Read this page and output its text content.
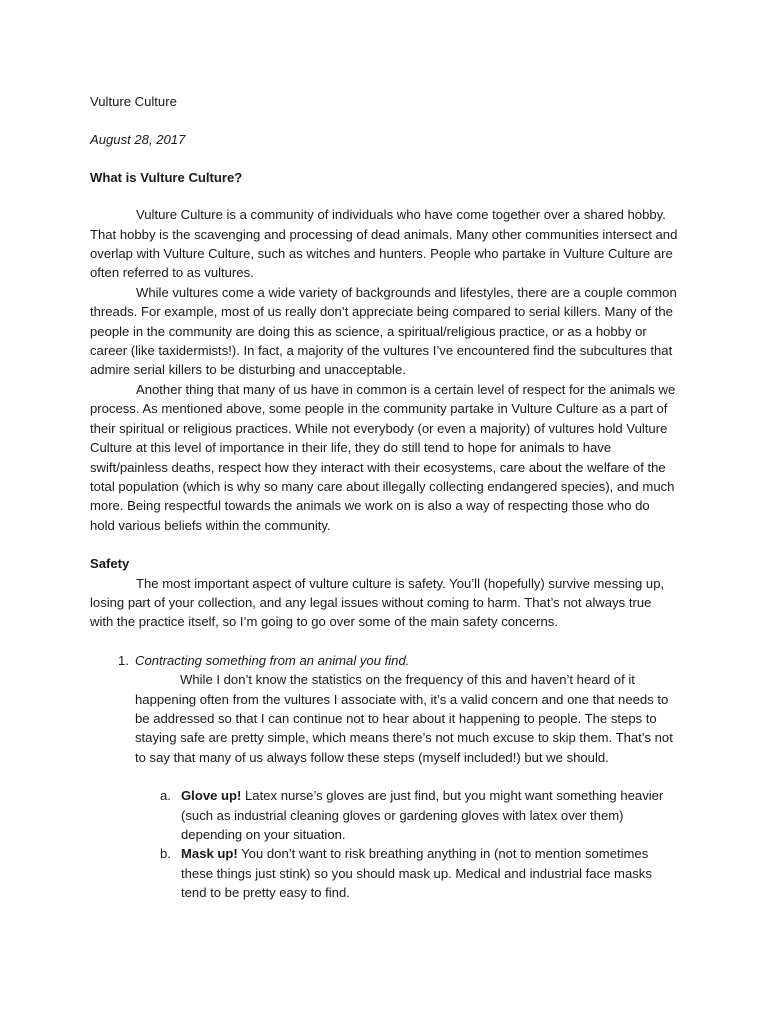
Vulture Culture

August 28, 2017

What is Vulture Culture?

Vulture Culture is a community of individuals who have come together over a shared hobby. That hobby is the scavenging and processing of dead animals. Many other communities intersect and overlap with Vulture Culture, such as witches and hunters. People who partake in Vulture Culture are often referred to as vultures.

While vultures come a wide variety of backgrounds and lifestyles, there are a couple common threads. For example, most of us really don’t appreciate being compared to serial killers. Many of the people in the community are doing this as science, a spiritual/religious practice, or as a hobby or career (like taxidermists!). In fact, a majority of the vultures I’ve encountered find the subcultures that admire serial killers to be disturbing and unacceptable.

Another thing that many of us have in common is a certain level of respect for the animals we process. As mentioned above, some people in the community partake in Vulture Culture as a part of their spiritual or religious practices. While not everybody (or even a majority) of vultures hold Vulture Culture at this level of importance in their life, they do still tend to hope for animals to have swift/painless deaths, respect how they interact with their ecosystems, care about the welfare of the total population (which is why so many care about illegally collecting endangered species), and much more. Being respectful towards the animals we work on is also a way of respecting those who do hold various beliefs within the community.

Safety

The most important aspect of vulture culture is safety. You’ll (hopefully) survive messing up, losing part of your collection, and any legal issues without coming to harm. That’s not always true with the practice itself, so I’m going to go over some of the main safety concerns.

1. Contracting something from an animal you find.

While I don’t know the statistics on the frequency of this and haven’t heard of it happening often from the vultures I associate with, it’s a valid concern and one that needs to be addressed so that I can continue not to hear about it happening to people. The steps to staying safe are pretty simple, which means there’s not much excuse to skip them. That’s not to say that many of us always follow these steps (myself included!) but we should.

a. Glove up! Latex nurse’s gloves are just find, but you might want something heavier (such as industrial cleaning gloves or gardening gloves with latex over them) depending on your situation.
b. Mask up! You don’t want to risk breathing anything in (not to mention sometimes these things just stink) so you should mask up. Medical and industrial face masks tend to be pretty easy to find.
